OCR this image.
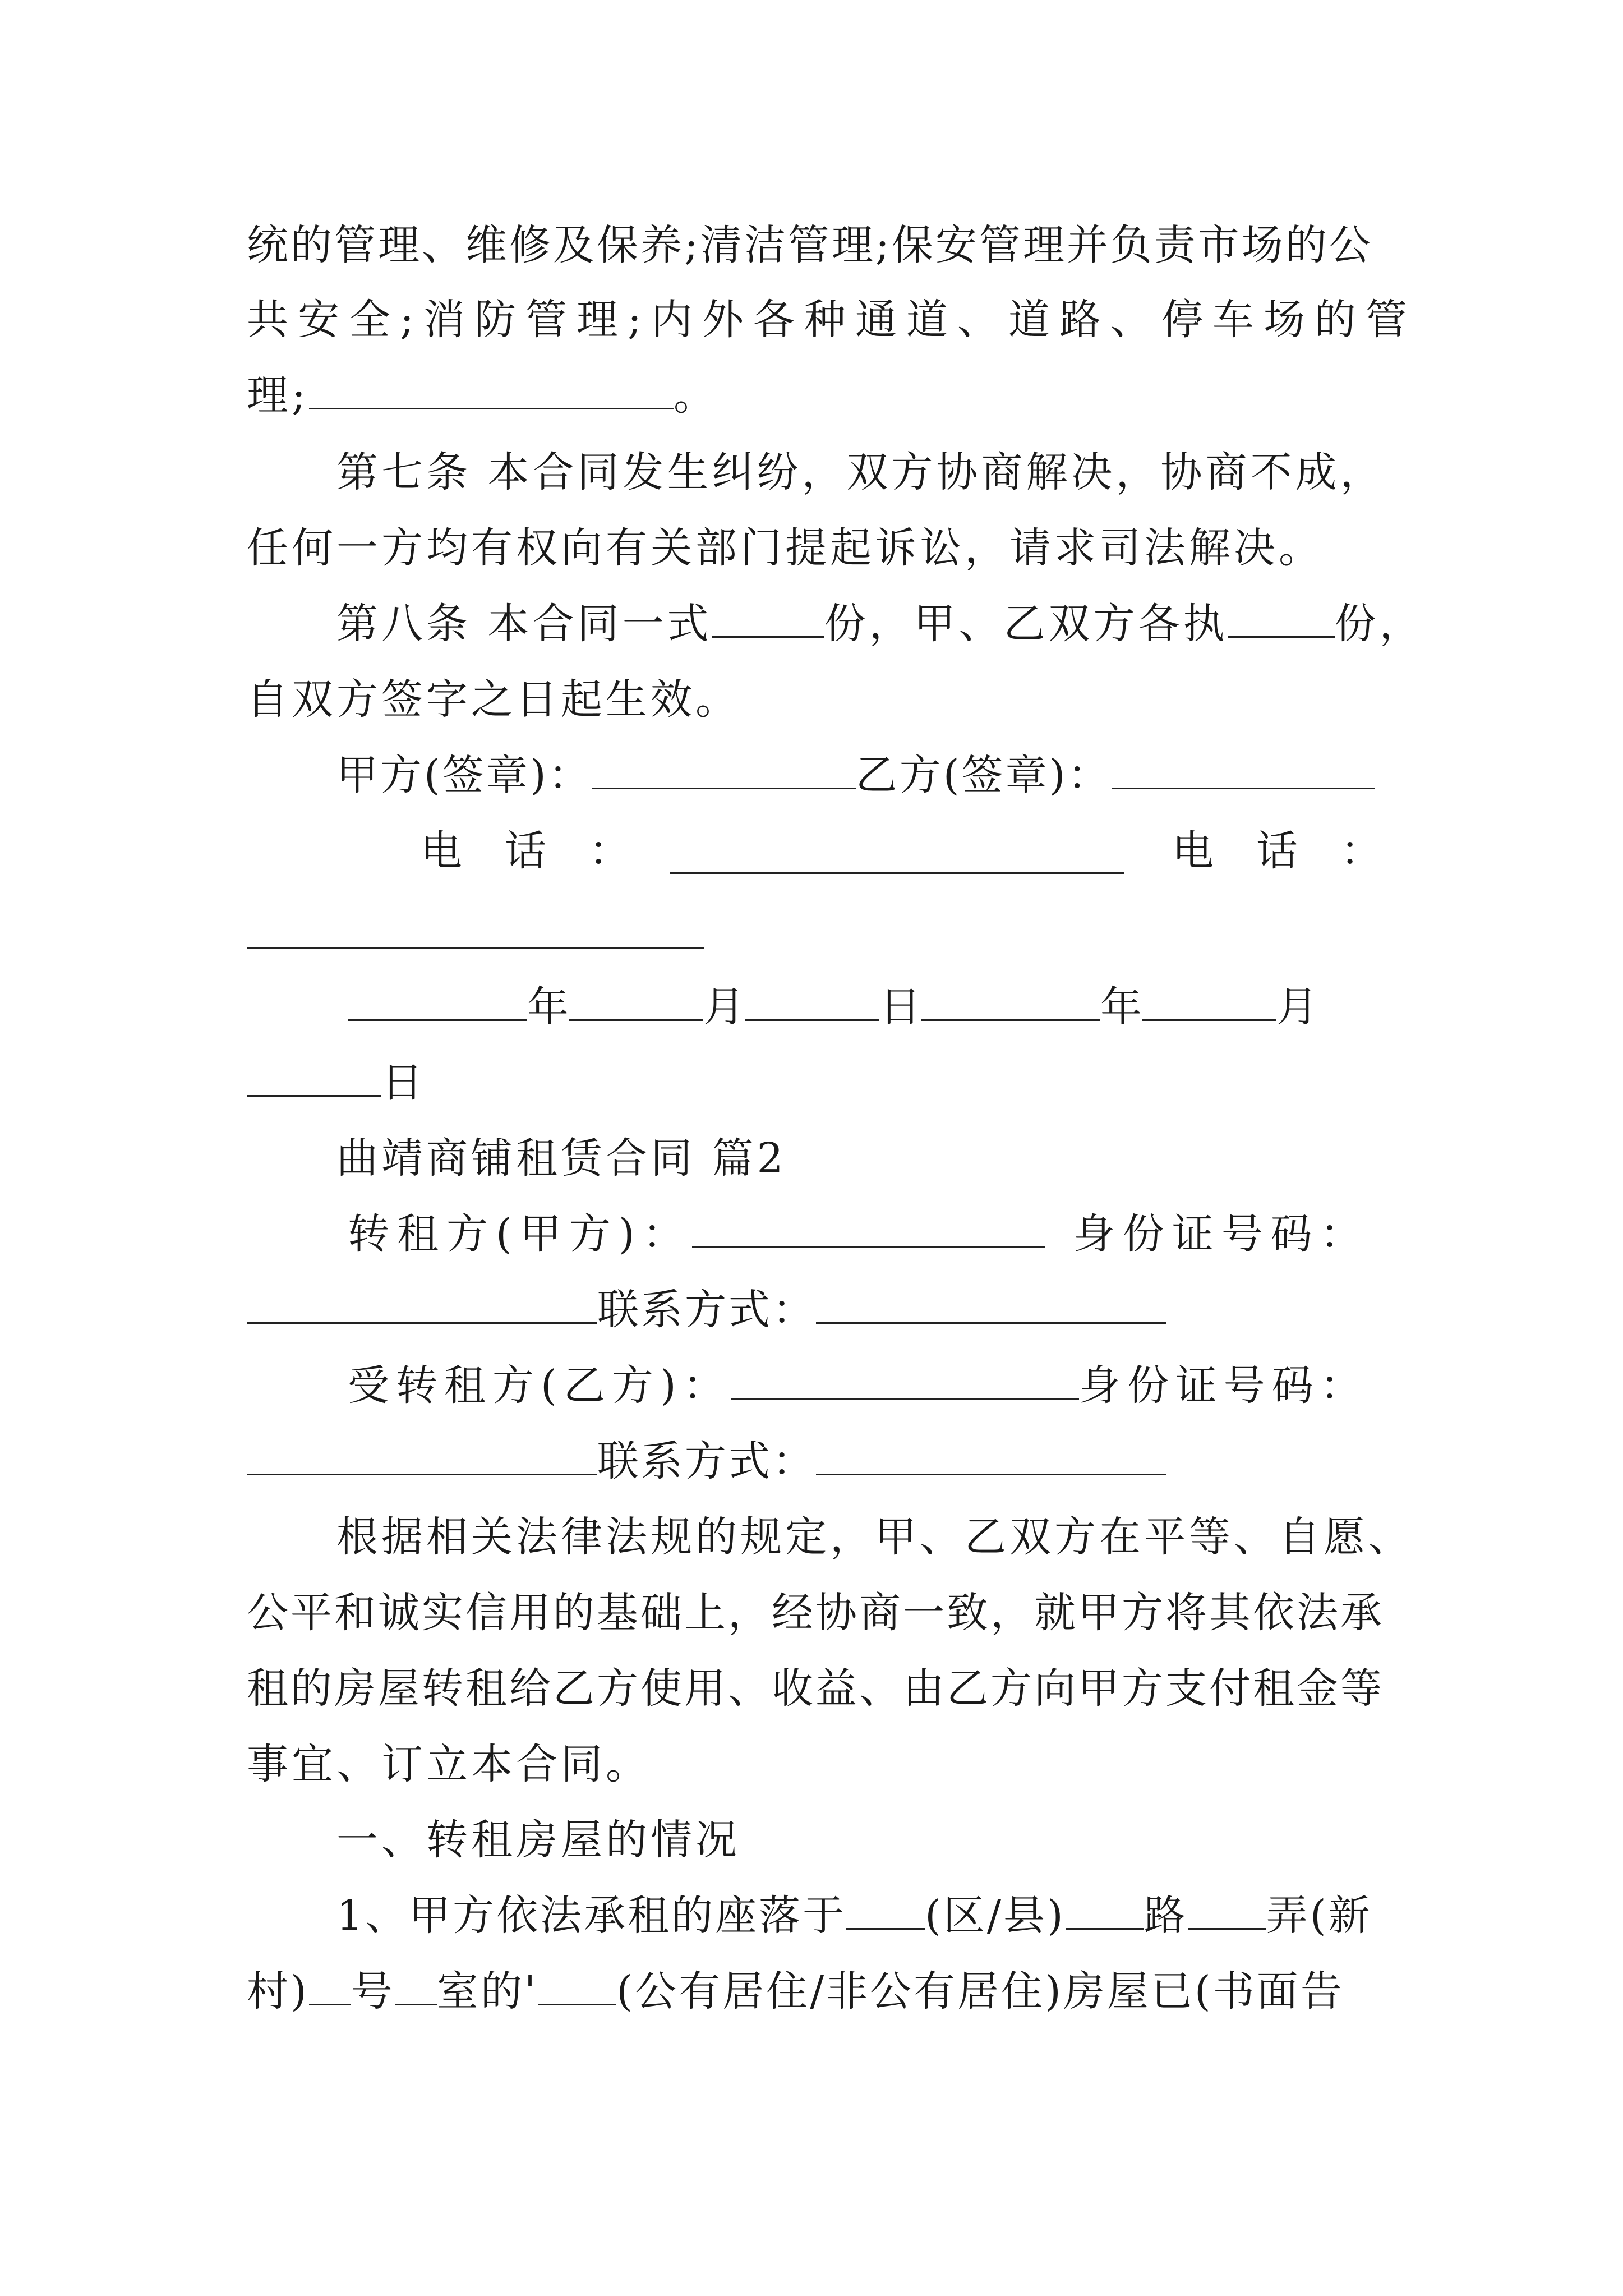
统的管理、维修及保养;清洁管理;保安管理并负责市场的公
共安全;消防管理;内外各种通道、道路、停车场的管
理;	。
第七条 本合同发生纠纷，双方协商解决，协商不成，
任何一方均有权向有关部门提起诉讼，请求司法解决。
第八条 本合同一式	份，甲、乙双方各执	份，
自双方签字之日起生效。
甲方(签章)：	乙方(签章)：
电 话 ：	电 话 ：
年	月	日	年	月
日
曲靖商铺租赁合同 篇2
转租方(甲方)：	身份证号码：
联系方式：
受转租方(乙方)：	身份证号码：
联系方式：
根据相关法律法规的规定，甲、乙双方在平等、自愿、
公平和诚实信用的基础上，经协商一致，就甲方将其依法承
租的房屋转租给乙方使用、收益、由乙方向甲方支付租金等
事宜、订立本合同。
一、转租房屋的情况
1、甲方依法承租的座落于 (区/县) 路 弄(新
村) 号 室的' (公有居住/非公有居住)房屋已(书面告
